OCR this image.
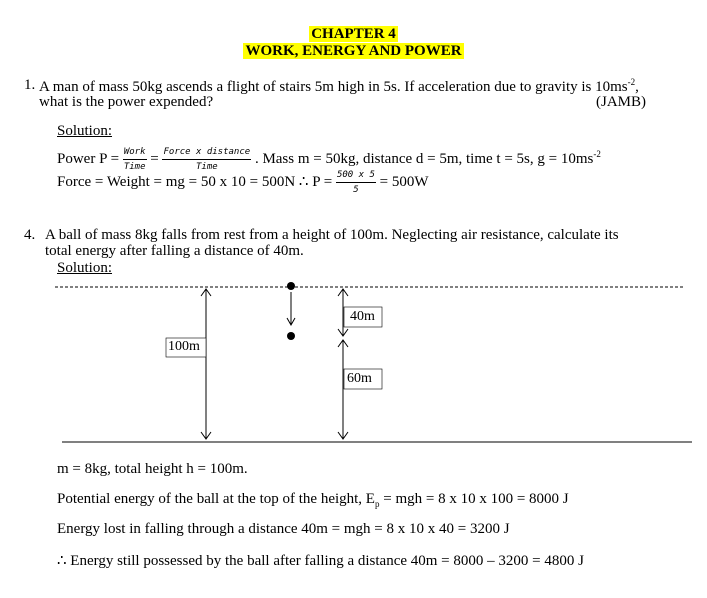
CHAPTER 4
WORK, ENERGY AND POWER
1. A man of mass 50kg ascends a flight of stairs 5m high in 5s. If acceleration due to gravity is $10ms^{-2}$,
what is the power expended?	(JAMB)
Solution:
Power $P = \frac{\text{Work}}{\text{Time}} = \frac{\text{Force x distance}}{\text{Time}}$ . Mass m = 50kg, distance d = 5m, time t = 5s, $g = 10ms^{-2}$
Force = Weight = mg = 50 x 10 = 500N ∴ $P = \frac{500 x 5}{5} = 500W$
4. A ball of mass 8kg falls from rest from a height of 100m. Neglecting air resistance, calculate its
total energy after falling a distance of 40m.
Solution:
100m
40m
60m
m = 8kg, total height h = 100m.
Potential energy of the ball at the top of the height, $E_p$ = mgh = 8 x 10 x 100 = 8000 J
Energy lost in falling through a distance 40m = mgh = 8 x 10 x 40 = 3200 J
∴ Energy still possessed by the ball after falling a distance 40m = 8000 – 3200 = 4800 J
